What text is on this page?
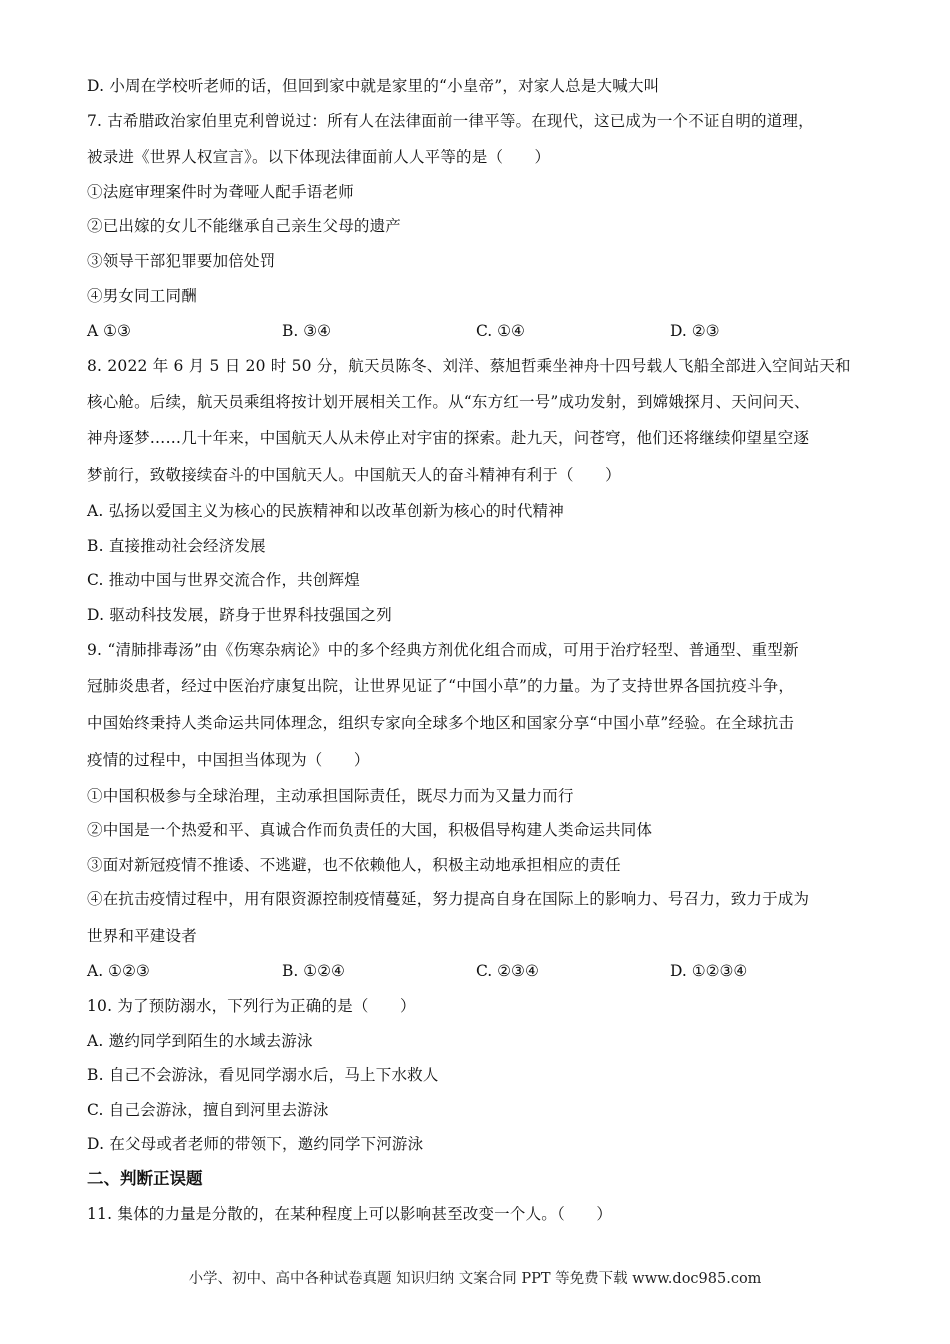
D. 小周在学校听老师的话，但回到家中就是家里的“小皇帝”，对家人总是大喊大叫
7. 古希腊政治家伯里克利曾说过：所有人在法律面前一律平等。在现代，这已成为一个不证自明的道理，
被录进《世界人权宣言》。以下体现法律面前人人平等的是（　　）
①法庭审理案件时为聋哑人配手语老师
②已出嫁的女儿不能继承自己亲生父母的遗产
③领导干部犯罪要加倍处罚
④男女同工同酬
A ①③	B. ③④	C. ①④	D. ②③
8. 2022 年 6 月 5 日 20 时 50 分，航天员陈冬、刘洋、蔡旭哲乘坐神舟十四号载人飞船全部进入空间站天和
核心舱。后续，航天员乘组将按计划开展相关工作。从“东方红一号”成功发射，到嫦娥探月、天问问天、
神舟逐梦……几十年来，中国航天人从未停止对宇宙的探索。赴九天，问苍穹，他们还将继续仰望星空逐
梦前行，致敬接续奋斗的中国航天人。中国航天人的奋斗精神有利于（　　）
A. 弘扬以爱国主义为核心的民族精神和以改革创新为核心的时代精神
B. 直接推动社会经济发展
C. 推动中国与世界交流合作，共创辉煌
D. 驱动科技发展，跻身于世界科技强国之列
9. “清肺排毒汤”由《伤寒杂病论》中的多个经典方剂优化组合而成，可用于治疗轻型、普通型、重型新
冠肺炎患者，经过中医治疗康复出院，让世界见证了“中国小草”的力量。为了支持世界各国抗疫斗争，
中国始终秉持人类命运共同体理念，组织专家向全球多个地区和国家分享“中国小草”经验。在全球抗击
疫情的过程中，中国担当体现为（　　）
①中国积极参与全球治理，主动承担国际责任，既尽力而为又量力而行
②中国是一个热爱和平、真诚合作而负责任的大国，积极倡导构建人类命运共同体
③面对新冠疫情不推诿、不逃避，也不依赖他人，积极主动地承担相应的责任
④在抗击疫情过程中，用有限资源控制疫情蔓延，努力提高自身在国际上的影响力、号召力，致力于成为
世界和平建设者
A. ①②③	B. ①②④	C. ②③④	D. ①②③④
10. 为了预防溺水，下列行为正确的是（　　）
A. 邀约同学到陌生的水域去游泳
B. 自己不会游泳，看见同学溺水后，马上下水救人
C. 自己会游泳，擅自到河里去游泳
D. 在父母或者老师的带领下，邀约同学下河游泳
二、判断正误题
11. 集体的力量是分散的，在某种程度上可以影响甚至改变一个人。（　　）
小学、初中、高中各种试卷真题 知识归纳 文案合同 PPT 等免费下载 www.doc985.com
